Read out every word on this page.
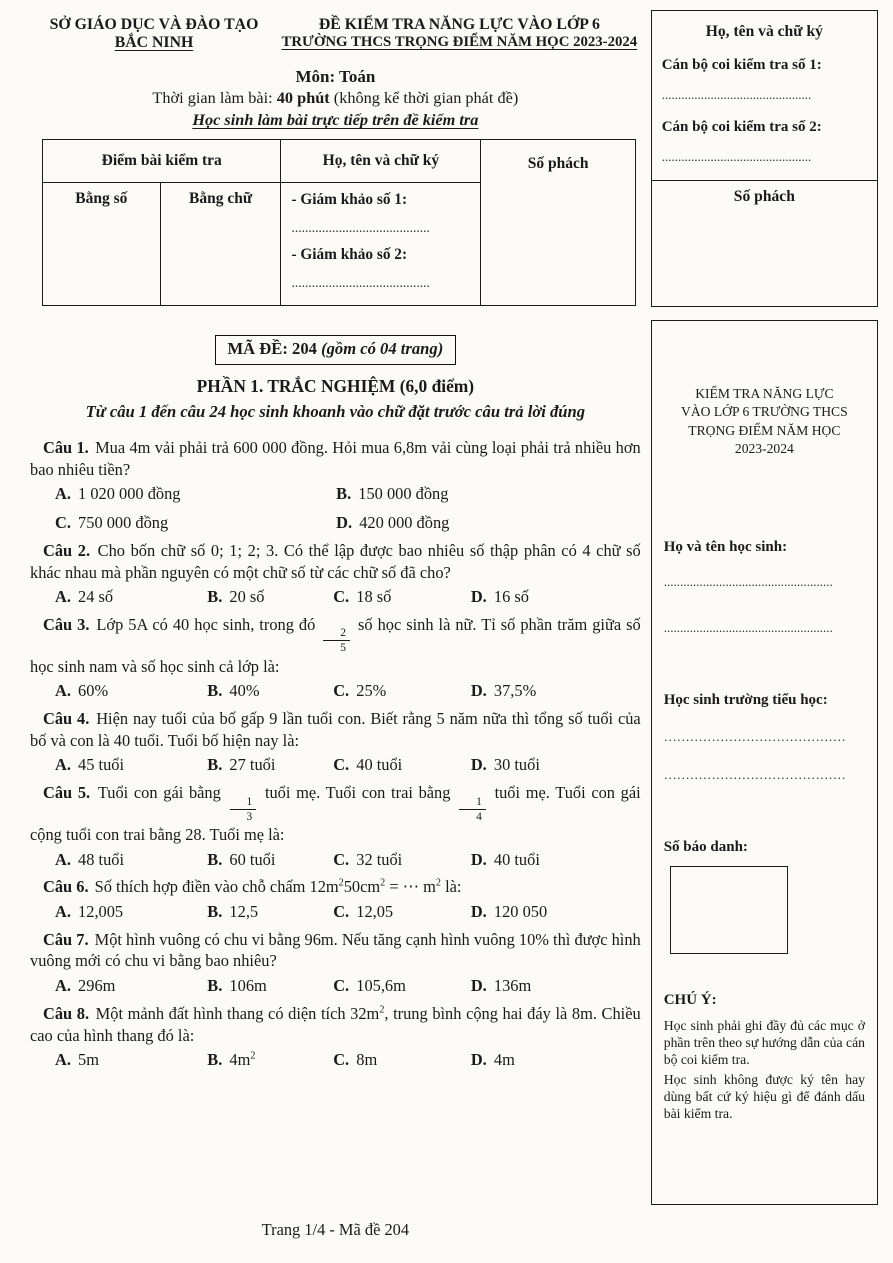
SỞ GIÁO DỤC VÀ ĐÀO TẠO
BẮC NINH
ĐỀ KIỂM TRA NĂNG LỰC VÀO LỚP 6
TRƯỜNG THCS TRỌNG ĐIỂM NĂM HỌC 2023-2024
Môn: Toán
Thời gian làm bài: 40 phút (không kể thời gian phát đề)
Học sinh làm bài trực tiếp trên đề kiểm tra
Điểm bài kiểm tra		Họ, tên và chữ ký	Số phách
Bằng số	Bằng chữ	- Giám khảo số 1:
.........................................
- Giám khảo số 2:
.........................................	
MÃ ĐỀ: 204 (gồm có 04 trang)
PHẦN 1. TRẮC NGHIỆM (6,0 điểm)
Từ câu 1 đến câu 24 học sinh khoanh vào chữ đặt trước câu trả lời đúng

Câu 1. Mua 4m vải phải trả 600 000 đồng. Hỏi mua 6,8m vải cùng loại phải trả nhiều hơn bao nhiêu tiền?

A. 1 020 000 đồng	B. 150 000 đồng
C. 750 000 đồng	D. 420 000 đồng

Câu 2. Cho bốn chữ số 0; 1; 2; 3. Có thể lập được bao nhiêu số thập phân có 4 chữ số khác nhau mà phần nguyên có một chữ số từ các chữ số đã cho?

A. 24 số	B. 20 số	C. 18 số	D. 16 số

Câu 3. Lớp 5A có 40 học sinh, trong đó
$\frac{2}{5}$
số học sinh là nữ. Tỉ số phần trăm giữa số học sinh nam và số học sinh cả lớp là:

A. 60%	B. 40%	C. 25%	D. 37,5%

Câu 4. Hiện nay tuổi của bố gấp 9 lần tuổi con. Biết rằng 5 năm nữa thì tổng số tuổi của bố và con là 40 tuổi. Tuổi bố hiện nay là:

A. 45 tuổi	B. 27 tuổi	C. 40 tuổi	D. 30 tuổi

Câu 5. Tuổi con gái bằng
$\frac{1}{3}$
tuổi mẹ. Tuổi con trai bằng
$\frac{1}{4}$
tuổi mẹ. Tuổi con gái cộng tuổi con trai bằng 28. Tuổi mẹ là:

A. 48 tuổi	B. 60 tuổi	C. 32 tuổi	D. 40 tuổi

Câu 6. Số thích hợp điền vào chỗ chấm $12m^250cm^2$ = ⋯ $m^2$ là:

A. 12,005	B. 12,5	C. 12,05	D. 120 050

Câu 7. Một hình vuông có chu vi bằng 96m. Nếu tăng cạnh hình vuông 10% thì được hình vuông mới có chu vi bằng bao nhiêu?

A. 296m	B. 106m	C. 105,6m	D. 136m

Câu 8. Một mảnh đất hình thang có diện tích $32m^2$, trung bình cộng hai đáy là 8m. Chiều cao của hình thang đó là:

A. 5m	B. $4m^2$	C. 8m	D. 4m
Trang 1/4 - Mã đề 204
Họ, tên và chữ ký
Cán bộ coi kiểm tra số 1:
..............................................
Cán bộ coi kiểm tra số 2:
..............................................
Số phách
KIỂM TRA NĂNG LỰC
VÀO LỚP 6 TRƯỜNG THCS
TRỌNG ĐIỂM NĂM HỌC
2023-2024
Họ và tên học sinh:
....................................................
....................................................
Học sinh trường tiểu học:
……………………………………
……………………………………
Số báo danh:
CHÚ Ý:

Học sinh phải ghi đầy đủ các mục ở phần trên theo sự hướng dẫn của cán bộ coi kiểm tra.

Học sinh không được ký tên hay dùng bất cứ ký hiệu gì để đánh dấu bài kiểm tra.
